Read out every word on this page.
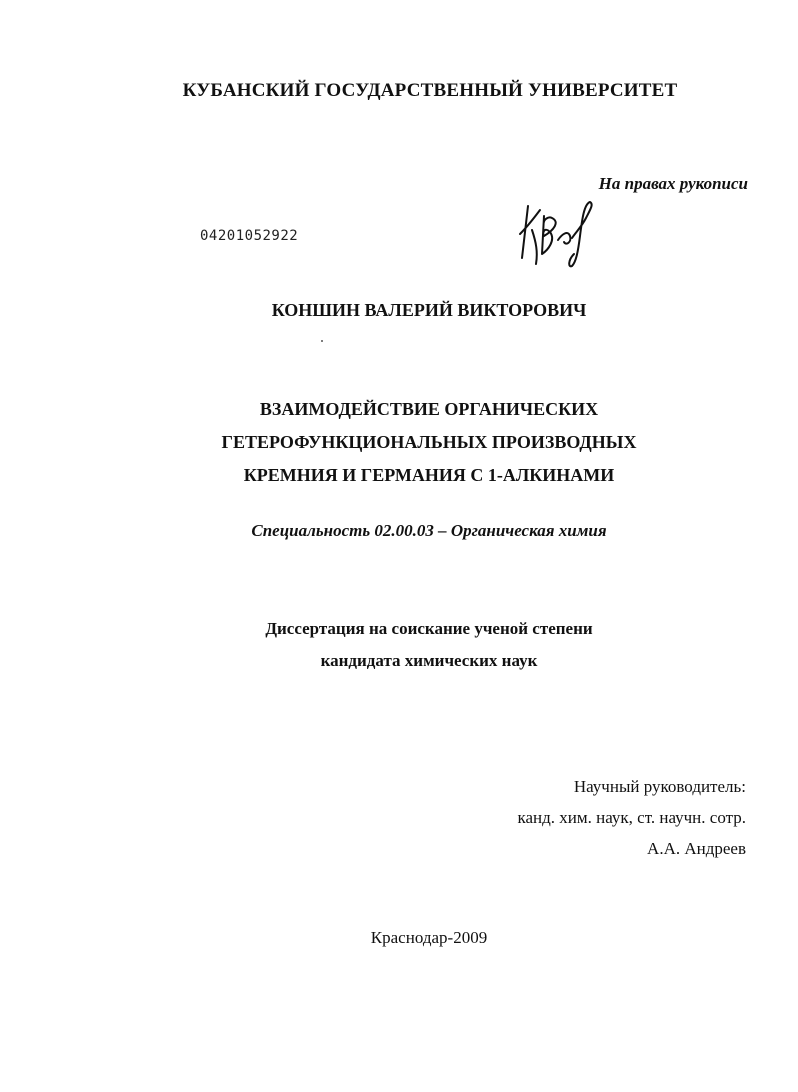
КУБАНСКИЙ ГОСУДАРСТВЕННЫЙ УНИВЕРСИТЕТ
На правах рукописи
04201052922
КОНШИН ВАЛЕРИЙ ВИКТОРОВИЧ
ВЗАИМОДЕЙСТВИЕ ОРГАНИЧЕСКИХ
ГЕТЕРОФУНКЦИОНАЛЬНЫХ ПРОИЗВОДНЫХ
КРЕМНИЯ И ГЕРМАНИЯ С 1-АЛКИНАМИ
Специальность 02.00.03 – Органическая химия
Диссертация на соискание ученой степени
кандидата химических наук
Научный руководитель:
канд. хим. наук, ст. научн. сотр.
А.А. Андреев
Краснодар-2009
